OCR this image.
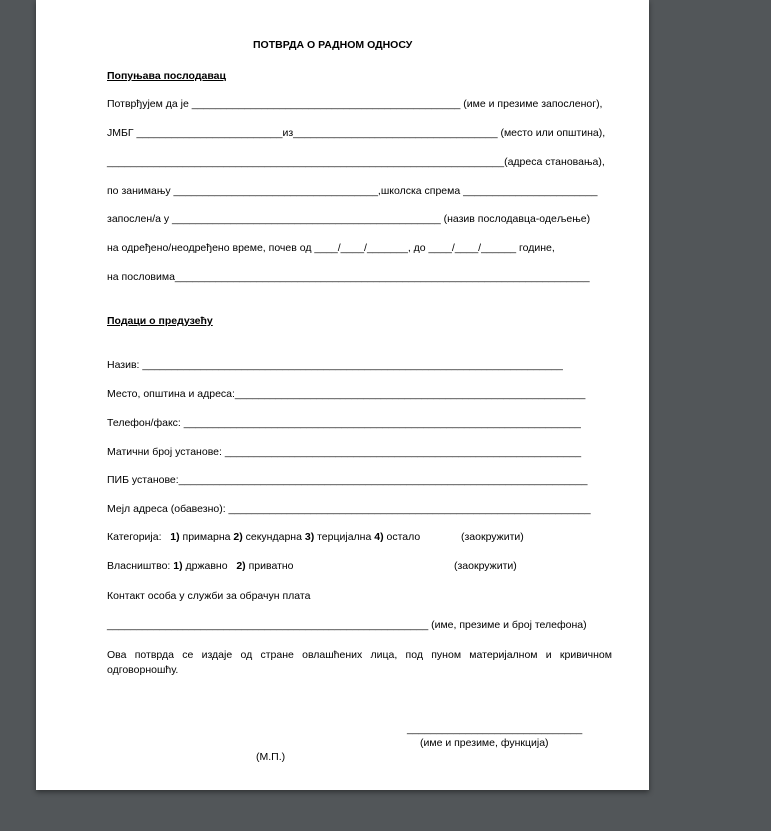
ПОТВРДА О РАДНОМ ОДНОСУ
Попуњава послодавац
Потврђујем да је ______________________________________________ (име и презиме запосленог),
ЈМБГ _________________________из___________________________________ (место или општина),
____________________________________________________________________(адреса становања),
по занимању ___________________________________,школска спрема _______________________
запослен/а у ______________________________________________ (назив послодавца-одељење)
на одређено/неодређено време, почев од ____/____/_______, до ____/____/______ године,
на пословима_______________________________________________________________________
Подаци о предузећу
Назив: ________________________________________________________________________
Место, општина и адреса:____________________________________________________________
Телефон/факс: ____________________________________________________________________
Матични број установе: _____________________________________________________________
ПИБ установе:______________________________________________________________________
Мејл адреса (обавезно): ______________________________________________________________
Категорија: 1) примарна 2) секундарна 3) терцијална 4) остало	(заокружити)
Власништво: 1) државно 2) приватно	(заокружити)
Контакт особа у служби за обрачун плата
_______________________________________________________ (име, презиме и број телефона)
Ова потврда се издаје од стране овлашћених лица, под пуном материјалном и кривичном одговорношћу.
______________________________
(име и презиме, функција)
(М.П.)
